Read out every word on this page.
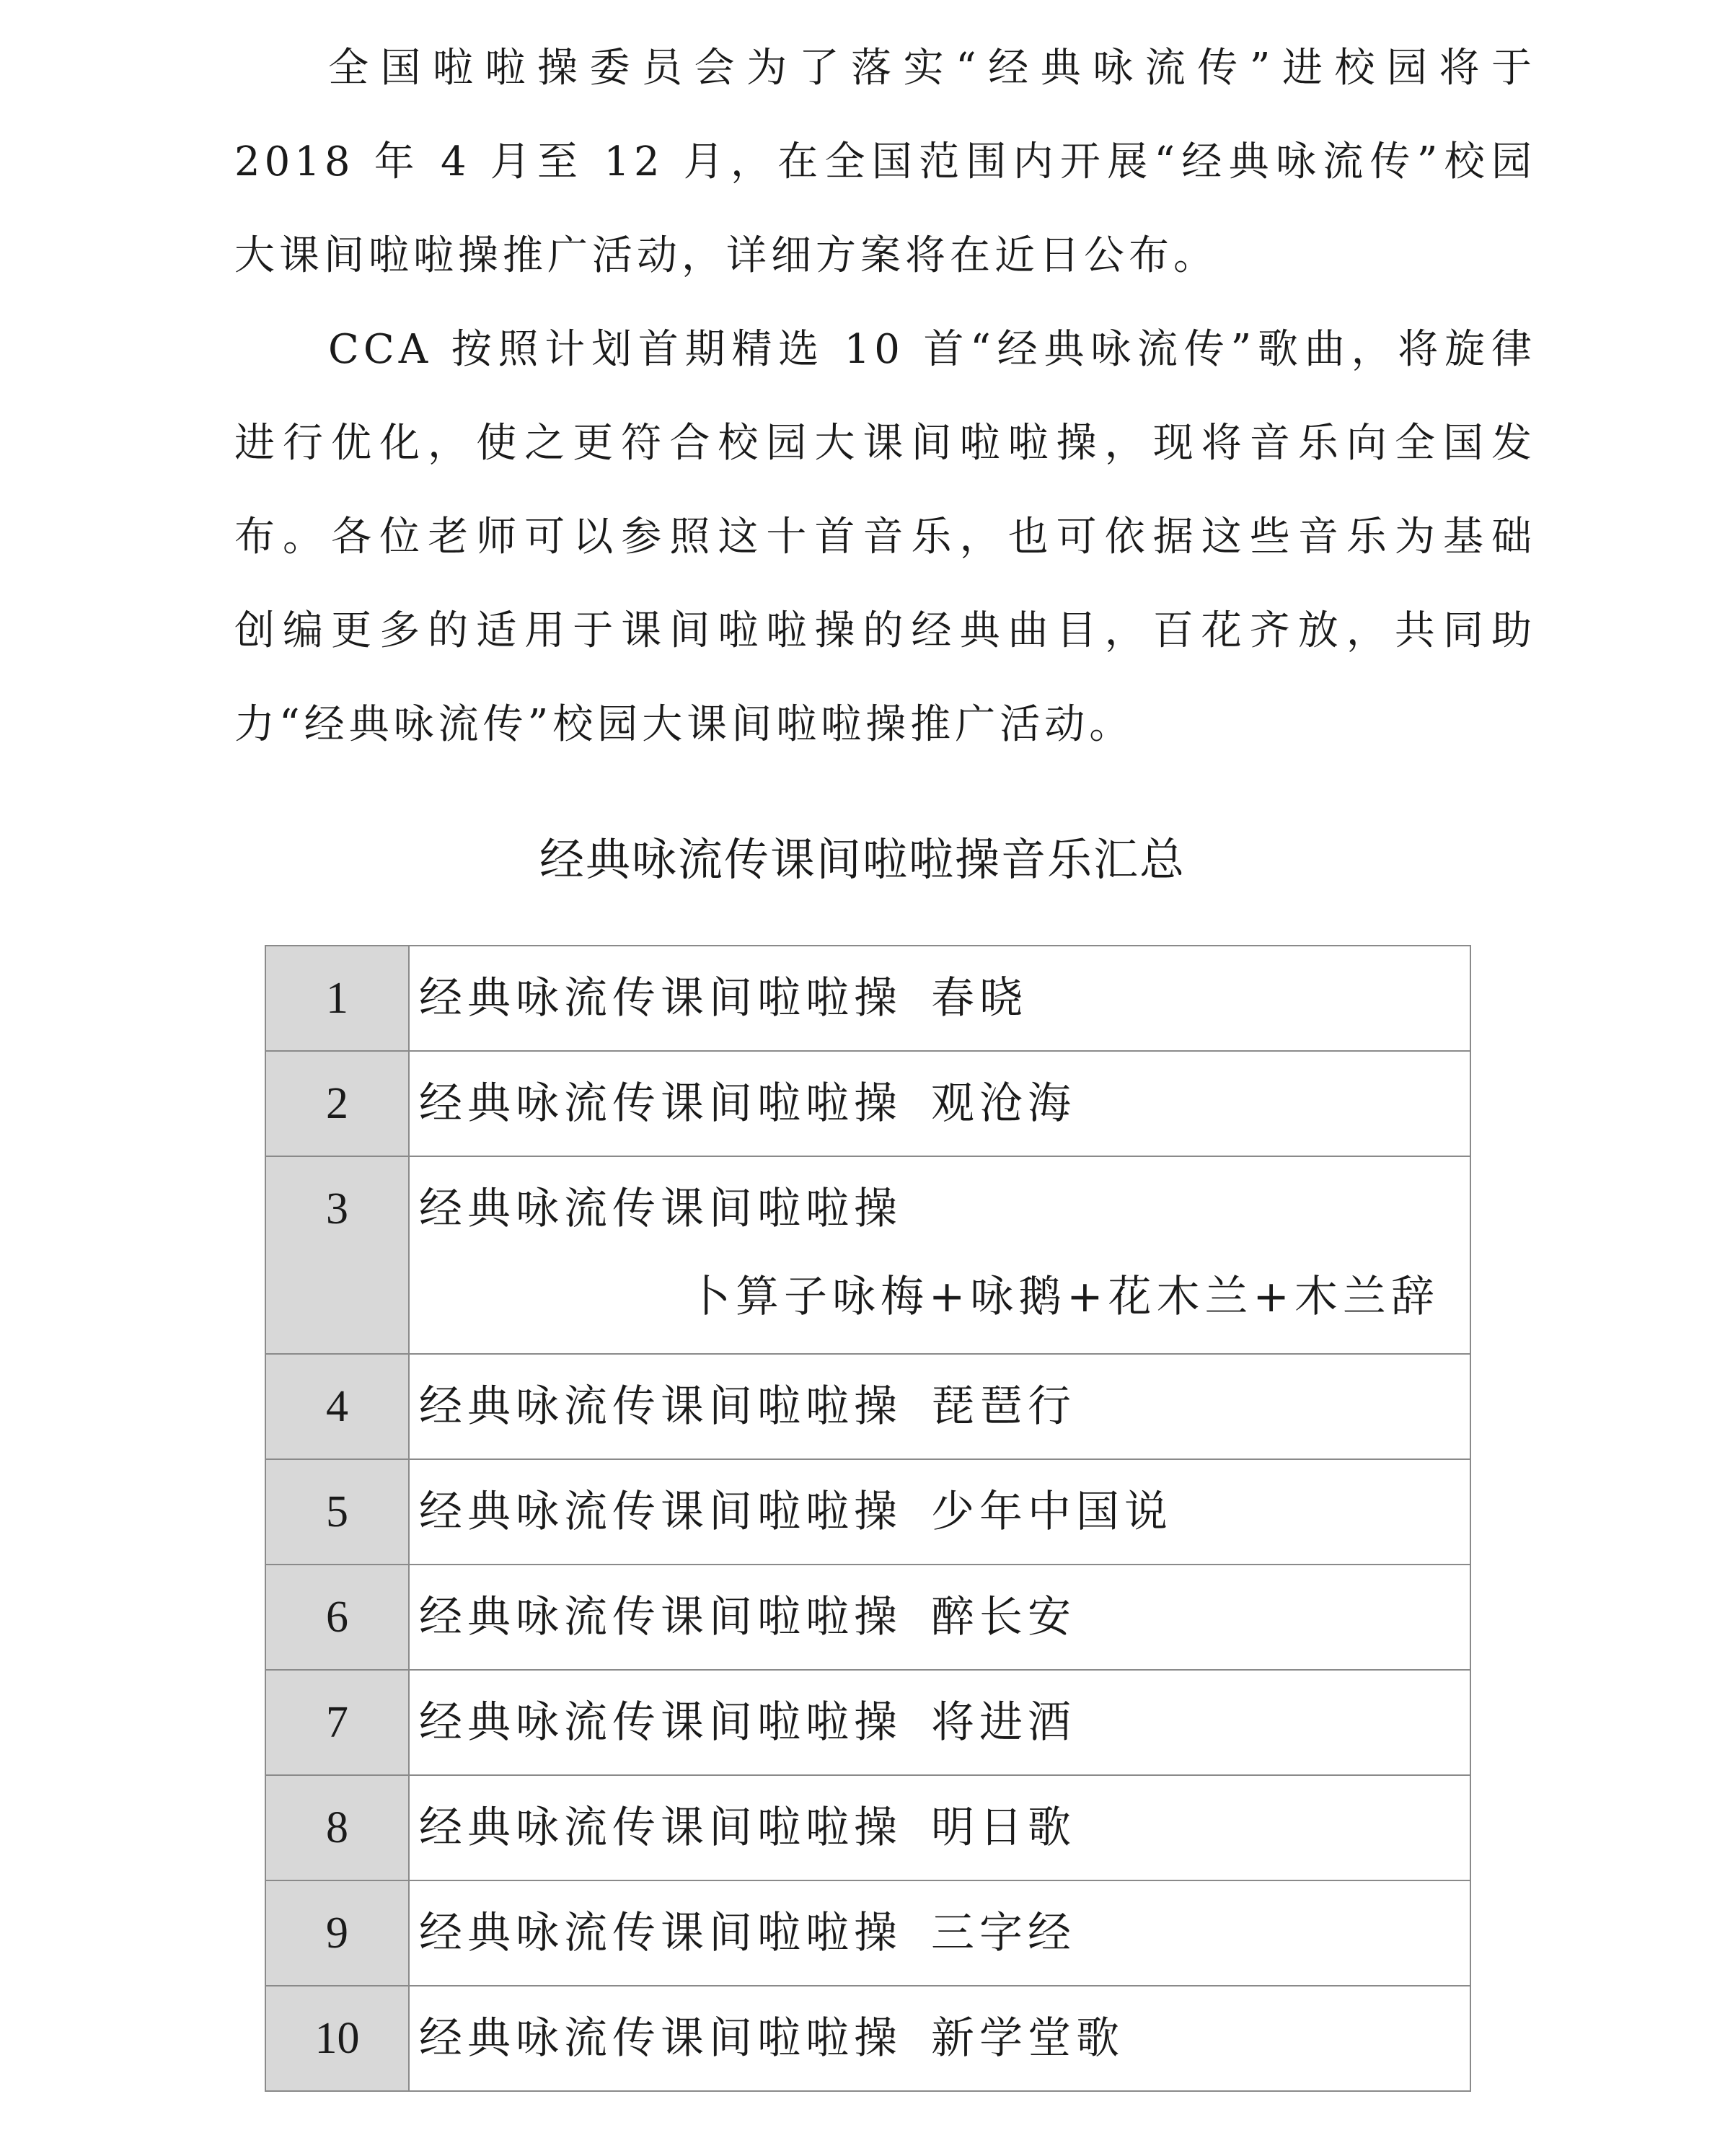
全国啦啦操委员会为了落实“经典咏流传”进校园将于
2018 年 4 月至 12 月，在全国范围内开展“经典咏流传”校园
大课间啦啦操推广活动，详细方案将在近日公布。

CCA 按照计划首期精选 10 首“经典咏流传”歌曲，将旋律
进行优化，使之更符合校园大课间啦啦操，现将音乐向全国发
布。各位老师可以参照这十首音乐，也可依据这些音乐为基础
创编更多的适用于课间啦啦操的经典曲目，百花齐放，共同助
力“经典咏流传”校园大课间啦啦操推广活动。

经典咏流传课间啦啦操音乐汇总
1	经典咏流传课间啦啦操 春晓
2	经典咏流传课间啦啦操 观沧海
3	经典咏流传课间啦啦操
卜算子咏梅+咏鹅+花木兰+木兰辞

4	经典咏流传课间啦啦操 琵琶行
5	经典咏流传课间啦啦操 少年中国说
6	经典咏流传课间啦啦操 醉长安
7	经典咏流传课间啦啦操 将进酒
8	经典咏流传课间啦啦操 明日歌
9	经典咏流传课间啦啦操 三字经
10	经典咏流传课间啦啦操 新学堂歌
